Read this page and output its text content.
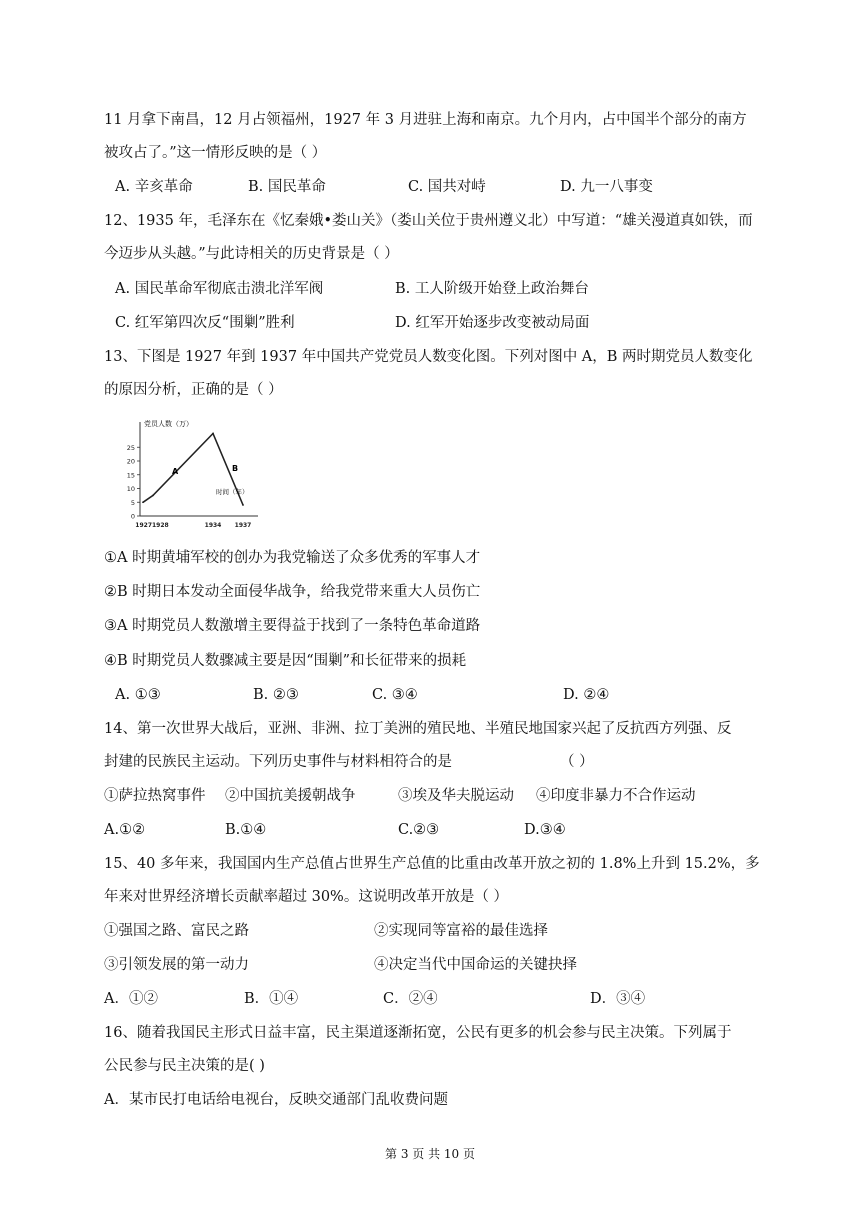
11 月拿下南昌，12 月占领福州，1927 年 3 月进驻上海和南京。九个月内，占中国半个部分的南方
被攻占了。”这一情形反映的是（ ）
A. 辛亥革命	B. 国民革命	C. 国共对峙	D. 九一八事变
12、1935 年，毛泽东在《忆秦娥•娄山关》（娄山关位于贵州遵义北）中写道：“雄关漫道真如铁，而
今迈步从头越。”与此诗相关的历史背景是（ ）
A. 国民革命军彻底击溃北洋军阀	B. 工人阶级开始登上政治舞台
C. 红军第四次反“围剿”胜利	D. 红军开始逐步改变被动局面
13、下图是 1927 年到 1937 年中国共产党党员人数变化图。下列对图中 A，B 两时期党员人数变化
的原因分析，正确的是（ ）
0
5
10
15
20
25
19271928	1934 1937
党员人数（万）
时间（年）
A	B
①A 时期黄埔军校的创办为我党输送了众多优秀的军事人才
②B 时期日本发动全面侵华战争，给我党带来重大人员伤亡
③A 时期党员人数激增主要得益于找到了一条特色革命道路
④B 时期党员人数骤减主要是因“围剿”和长征带来的损耗
A. ①③	B. ②③	C. ③④	D. ②④
14、第一次世界大战后，亚洲、非洲、拉丁美洲的殖民地、半殖民地国家兴起了反抗西方列强、反
封建的民族民主运动。下列历史事件与材料相符合的是	（ ）
①萨拉热窝事件 ②中国抗美援朝战争	③埃及华夫脱运动 ④印度非暴力不合作运动
A.①②	B.①④	C.②③	D.③④
15、40 多年来，我国国内生产总值占世界生产总值的比重由改革开放之初的 1.8%上升到 15.2%，多
年来对世界经济增长贡献率超过 30%。这说明改革开放是（ ）
①强国之路、富民之路	②实现同等富裕的最佳选择
③引领发展的第一动力	④决定当代中国命运的关键抉择
A．①②	B．①④	C．②④	D．③④
16、随着我国民主形式日益丰富，民主渠道逐渐拓宽，公民有更多的机会参与民主决策。下列属于
公民参与民主决策的是( )
A．某市民打电话给电视台，反映交通部门乱收费问题
第 3 页 共 10 页
